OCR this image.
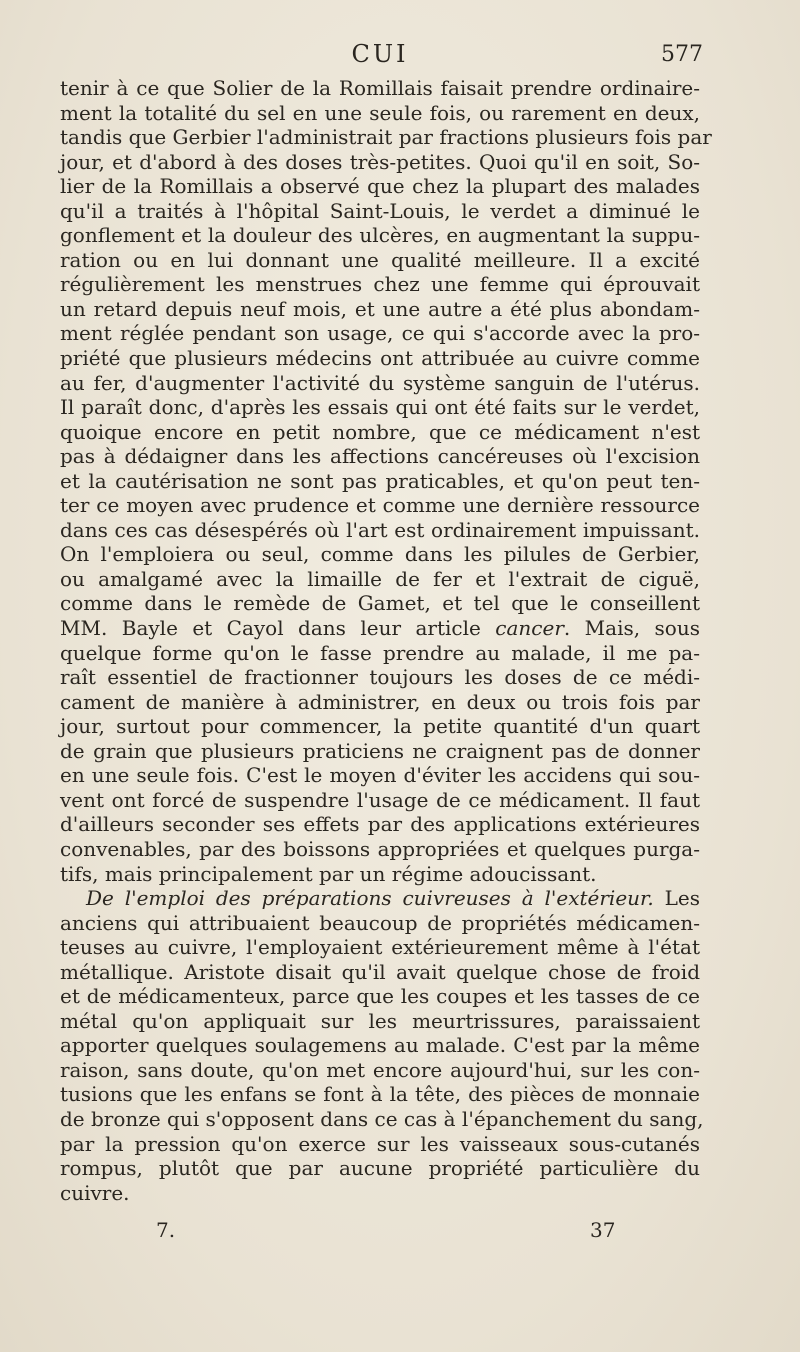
CUI	577
tenir à ce que Solier de la Romillais faisait prendre ordinaire-
ment la totalité du sel en une seule fois, ou rarement en deux,
tandis que Gerbier l'administrait par fractions plusieurs fois par
jour, et d'abord à des doses très-petites. Quoi qu'il en soit, So-
lier de la Romillais a observé que chez la plupart des malades
qu'il a traités à l'hôpital Saint-Louis, le verdet a diminué le
gonflement et la douleur des ulcères, en augmentant la suppu-
ration ou en lui donnant une qualité meilleure. Il a excité
régulièrement les menstrues chez une femme qui éprouvait
un retard depuis neuf mois, et une autre a été plus abondam-
ment réglée pendant son usage, ce qui s'accorde avec la pro-
priété que plusieurs médecins ont attribuée au cuivre comme
au fer, d'augmenter l'activité du système sanguin de l'utérus.
Il paraît donc, d'après les essais qui ont été faits sur le verdet,
quoique encore en petit nombre, que ce médicament n'est
pas à dédaigner dans les affections cancéreuses où l'excision
et la cautérisation ne sont pas praticables, et qu'on peut ten-
ter ce moyen avec prudence et comme une dernière ressource
dans ces cas désespérés où l'art est ordinairement impuissant.
On l'emploiera ou seul, comme dans les pilules de Gerbier,
ou amalgamé avec la limaille de fer et l'extrait de ciguë,
comme dans le remède de Gamet, et tel que le conseillent
MM. Bayle et Cayol dans leur article cancer. Mais, sous
quelque forme qu'on le fasse prendre au malade, il me pa-
raît essentiel de fractionner toujours les doses de ce médi-
cament de manière à administrer, en deux ou trois fois par
jour, surtout pour commencer, la petite quantité d'un quart
de grain que plusieurs praticiens ne craignent pas de donner
en une seule fois. C'est le moyen d'éviter les accidens qui sou-
vent ont forcé de suspendre l'usage de ce médicament. Il faut
d'ailleurs seconder ses effets par des applications extérieures
convenables, par des boissons appropriées et quelques purga-
tifs, mais principalement par un régime adoucissant.
De l'emploi des préparations cuivreuses à l'extérieur. Les
anciens qui attribuaient beaucoup de propriétés médicamen-
teuses au cuivre, l'employaient extérieurement même à l'état
métallique. Aristote disait qu'il avait quelque chose de froid
et de médicamenteux, parce que les coupes et les tasses de ce
métal qu'on appliquait sur les meurtrissures, paraissaient
apporter quelques soulagemens au malade. C'est par la même
raison, sans doute, qu'on met encore aujourd'hui, sur les con-
tusions que les enfans se font à la tête, des pièces de monnaie
de bronze qui s'opposent dans ce cas à l'épanchement du sang,
par la pression qu'on exerce sur les vaisseaux sous-cutanés
rompus, plutôt que par aucune propriété particulière du
cuivre.
7.	37
